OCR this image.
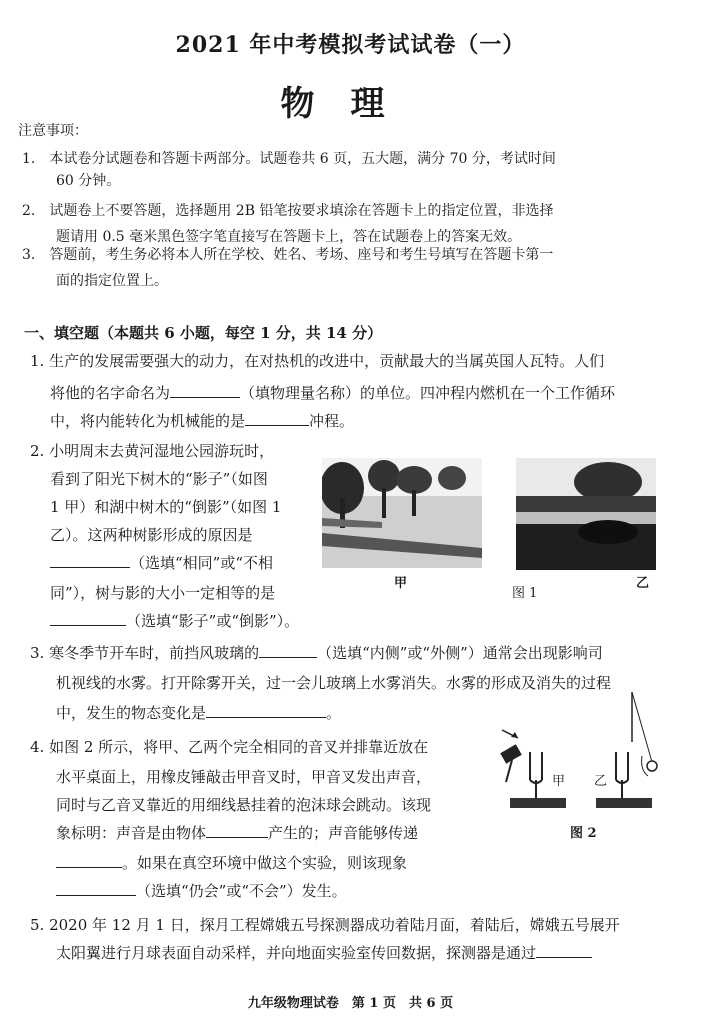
2021 年中考模拟考试试卷（一）
物理
注意事项：
1.　本试卷分试题卷和答题卡两部分。试题卷共 6 页，五大题，满分 70 分，考试时间
60 分钟。
2.　试题卷上不要答题，选择题用 2B 铅笔按要求填涂在答题卡上的指定位置，非选择
题请用 0.5 毫米黑色签字笔直接写在答题卡上，答在试题卷上的答案无效。
3.　答题前，考生务必将本人所在学校、姓名、考场、座号和考生号填写在答题卡第一
面的指定位置上。
一、填空题（本题共 6 小题，每空 1 分，共 14 分）
1. 生产的发展需要强大的动力，在对热机的改进中，贡献最大的当属英国人瓦特。人们
将他的名字命名为	（填物理量名称）的单位。四冲程内燃机在一个工作循环
中，将内能转化为机械能的是	冲程。
2. 小明周末去黄河湿地公园游玩时，
看到了阳光下树木的“影子”（如图
1 甲）和湖中树木的“倒影”（如图 1
乙）。这两种树影形成的原因是
（选填“相同”或“不相
同”），树与影的大小一定相等的是
（选填“影子”或“倒影”）。
甲
图 1
乙
3. 寒冬季节开车时，前挡风玻璃的	（选填“内侧”或“外侧”）通常会出现影响司
机视线的水雾。打开除雾开关，过一会儿玻璃上水雾消失。水雾的形成及消失的过程
中，发生的物态变化是	。
4. 如图 2 所示，将甲、乙两个完全相同的音叉并排靠近放在
水平桌面上，用橡皮锤敲击甲音叉时，甲音叉发出声音，
同时与乙音叉靠近的用细线悬挂着的泡沫球会跳动。该现
象标明：声音是由物体	产生的；声音能够传递
。如果在真空环境中做这个实验，则该现象
（选填“仍会”或“不会”）发生。
甲 乙
图 2
5. 2020 年 12 月 1 日，探月工程嫦娥五号探测器成功着陆月面，着陆后，嫦娥五号展开
太阳翼进行月球表面自动采样，并向地面实验室传回数据，探测器是通过
九年级物理试卷　第 1 页　共 6 页
